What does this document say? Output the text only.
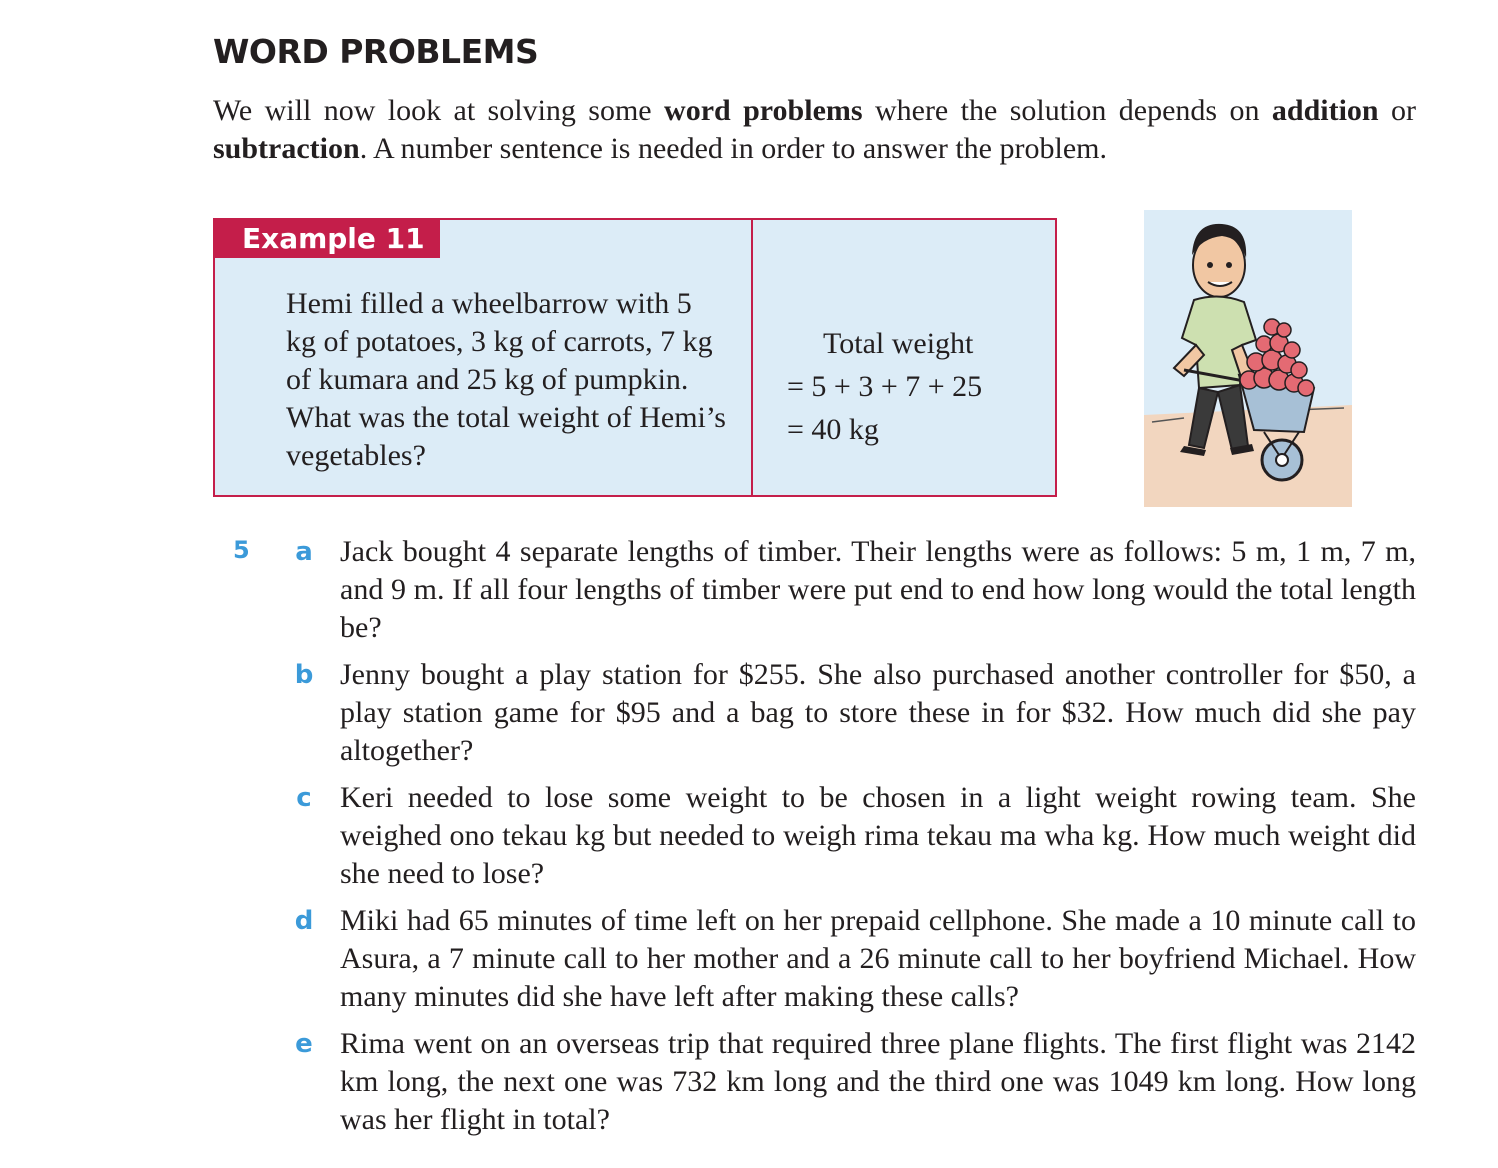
WORD PROBLEMS

We will now look at solving some word problems where the solution depends on addition or subtraction. A number sentence is needed in order to answer the problem.

Example 11
Hemi filled a wheelbarrow with 5 kg of potatoes, 3 kg of carrots, 7 kg of kumara and 25 kg of pumpkin. What was the total weight of Hemi’s vegetables?
Total weight
= 5 + 3 + 7 + 25
= 40 kg
5 a Jack bought 4 separate lengths of timber. Their lengths were as follows: 5 m, 1 m, 7 m, and 9 m. If all four lengths of timber were put end to end how long would the total length be?
b Jenny bought a play station for $255. She also purchased another controller for $50, a play station game for $95 and a bag to store these in for $32. How much did she pay altogether?
c Keri needed to lose some weight to be chosen in a light weight rowing team. She weighed ono tekau kg but needed to weigh rima tekau ma wha kg. How much weight did she need to lose?
d Miki had 65 minutes of time left on her prepaid cellphone. She made a 10 minute call to Asura, a 7 minute call to her mother and a 26 minute call to her boyfriend Michael. How many minutes did she have left after making these calls?
e Rima went on an overseas trip that required three plane flights. The first flight was 2142 km long, the next one was 732 km long and the third one was 1049 km long. How long was her flight in total?
